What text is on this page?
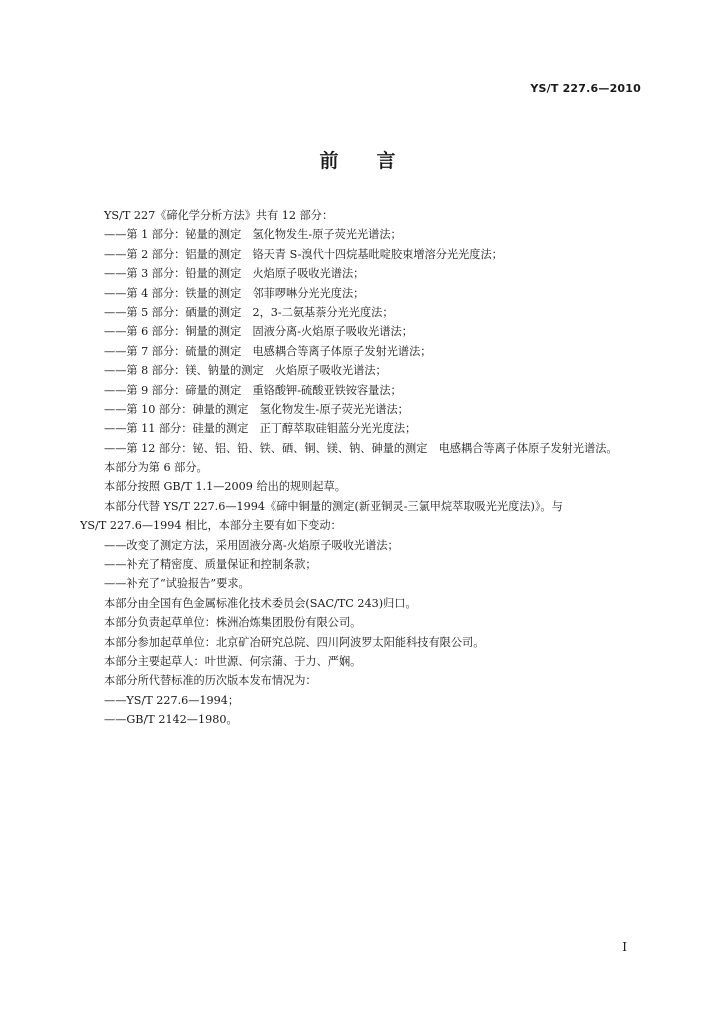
YS/T 227.6—2010
前言
YS/T 227《碲化学分析方法》共有 12 部分：
——第 1 部分：铋量的测定　氢化物发生-原子荧光光谱法；
——第 2 部分：铝量的测定　铬天青 S-溴代十四烷基吡啶胶束增溶分光光度法；
——第 3 部分：铅量的测定　火焰原子吸收光谱法；
——第 4 部分：铁量的测定　邻菲啰啉分光光度法；
——第 5 部分：硒量的测定　2，3-二氨基萘分光光度法；
——第 6 部分：铜量的测定　固液分离-火焰原子吸收光谱法；
——第 7 部分：硫量的测定　电感耦合等离子体原子发射光谱法；
——第 8 部分：镁、钠量的测定　火焰原子吸收光谱法；
——第 9 部分：碲量的测定　重铬酸钾-硫酸亚铁铵容量法；
——第 10 部分：砷量的测定　氢化物发生-原子荧光光谱法；
——第 11 部分：硅量的测定　正丁醇萃取硅钼蓝分光光度法；
——第 12 部分：铋、铝、铅、铁、硒、铜、镁、钠、砷量的测定　电感耦合等离子体原子发射光谱法。
本部分为第 6 部分。
本部分按照 GB/T 1.1—2009 给出的规则起草。
本部分代替 YS/T 227.6—1994《碲中铜量的测定(新亚铜灵-三氯甲烷萃取吸光光度法)》。与
YS/T 227.6—1994 相比，本部分主要有如下变动：
——改变了测定方法，采用固液分离-火焰原子吸收光谱法；
——补充了精密度、质量保证和控制条款；
——补充了“试验报告”要求。
本部分由全国有色金属标准化技术委员会(SAC/TC 243)归口。
本部分负责起草单位：株洲冶炼集团股份有限公司。
本部分参加起草单位：北京矿冶研究总院、四川阿波罗太阳能科技有限公司。
本部分主要起草人：叶世源、何宗蒲、于力、严娴。
本部分所代替标准的历次版本发布情况为：
——YS/T 227.6—1994；
——GB/T 2142—1980。
I
